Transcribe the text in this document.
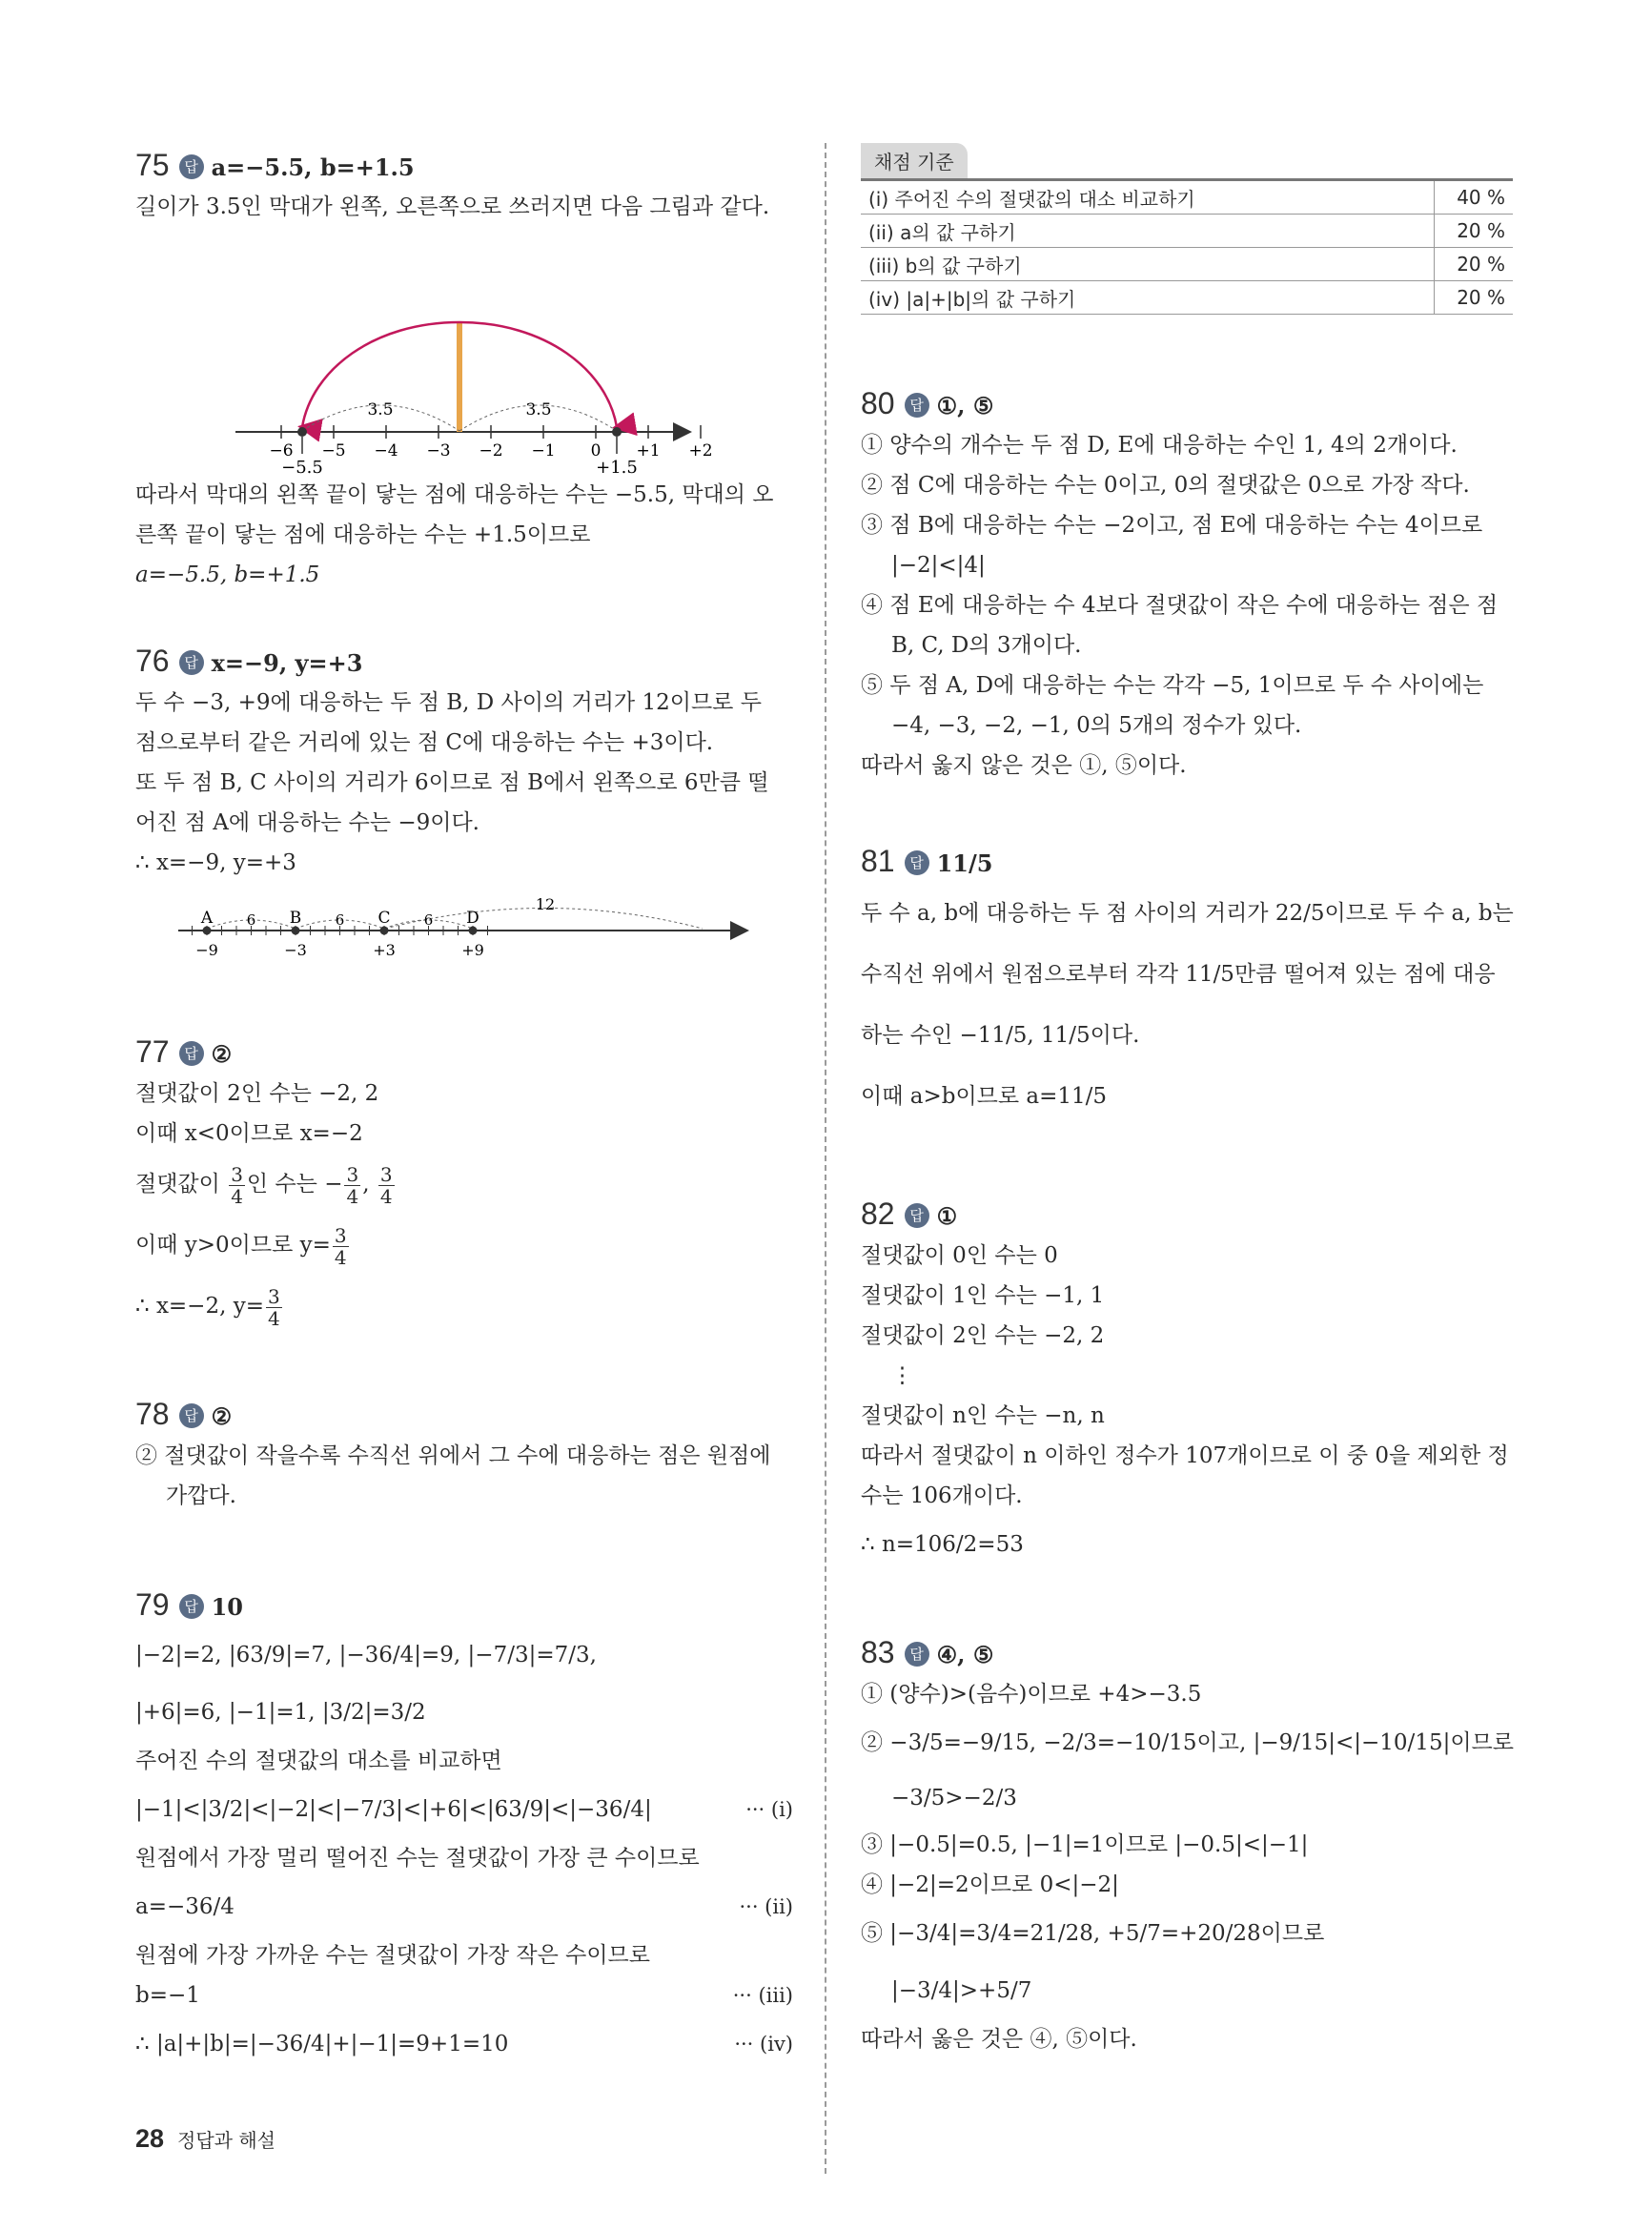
75 답 a=−5.5, b=+1.5
길이가 3.5인 막대가 왼쪽, 오른쪽으로 쓰러지면 다음 그림과 같다.
−6 −5 −4 −3 −2 −1 0 +1 +2
3.5	3.5
−5.5	+1.5
따라서 막대의 왼쪽 끝이 닿는 점에 대응하는 수는 −5.5, 막대의 오
른쪽 끝이 닿는 점에 대응하는 수는 +1.5이므로
a=−5.5, b=+1.5
76 답 x=−9, y=+3
두 수 −3, +9에 대응하는 두 점 B, D 사이의 거리가 12이므로 두
점으로부터 같은 거리에 있는 점 C에 대응하는 수는 +3이다.
또 두 점 B, C 사이의 거리가 6이므로 점 B에서 왼쪽으로 6만큼 떨
어진 점 A에 대응하는 수는 −9이다.
∴ x=−9, y=+3
12
6	6	6
A
−9
B
−3
C
+3
D
+9
77 답 ②
절댓값이 2인 수는 −2, 2
이때 x<0이므로 x=−2
절댓값이 $\frac{3}{4}$ 인 수는 − $\frac{3}{4}$ , $\frac{3}{4}$
이때 y>0이므로 $y= \frac{3}{4}$
∴ x=−2, $y= \frac{3}{4}$
78 답 ②
② 절댓값이 작을수록 수직선 위에서 그 수에 대응하는 점은 원점에
가깝다.
79 답 10
|−2|=2, |63/9|=7, |−36/4|=9, |−7/3|=7/3,
|+6|=6, |−1|=1, |3/2|=3/2
주어진 수의 절댓값의 대소를 비교하면
|−1|<|3/2|<|−2|<|−7/3|<|+6|<|63/9|<|−36/4|	··· (i)
원점에서 가장 멀리 떨어진 수는 절댓값이 가장 큰 수이므로
a=−36/4	··· (ii)
원점에 가장 가까운 수는 절댓값이 가장 작은 수이므로
b=−1	··· (iii)
∴ |a|+|b|=|−36/4|+|−1|=9+1=10	··· (iv)
채점 기준
(i) 주어진 수의 절댓값의 대소 비교하기	40 %
(ii) a의 값 구하기	20 %
(iii) b의 값 구하기	20 %
(iv) |a|+|b|의 값 구하기	20 %
80 답 ①, ⑤
① 양수의 개수는 두 점 D, E에 대응하는 수인 1, 4의 2개이다.
② 점 C에 대응하는 수는 0이고, 0의 절댓값은 0으로 가장 작다.
③ 점 B에 대응하는 수는 −2이고, 점 E에 대응하는 수는 4이므로
|−2|<|4|
④ 점 E에 대응하는 수 4보다 절댓값이 작은 수에 대응하는 점은 점
B, C, D의 3개이다.
⑤ 두 점 A, D에 대응하는 수는 각각 −5, 1이므로 두 수 사이에는
−4, −3, −2, −1, 0의 5개의 정수가 있다.
따라서 옳지 않은 것은 ①, ⑤이다.
81 답 11/5
두 수 a, b에 대응하는 두 점 사이의 거리가 22/5이므로 두 수 a, b는
수직선 위에서 원점으로부터 각각 11/5만큼 떨어져 있는 점에 대응
하는 수인 −11/5, 11/5이다.
이때 a>b이므로 a=11/5
82 답 ①
절댓값이 0인 수는 0
절댓값이 1인 수는 −1, 1
절댓값이 2인 수는 −2, 2
⋮
절댓값이 n인 수는 −n, n
따라서 절댓값이 n 이하인 정수가 107개이므로 이 중 0을 제외한 정
수는 106개이다.
∴ n=106/2=53
83 답 ④, ⑤
① (양수)>(음수)이므로 +4>−3.5
② −3/5=−9/15, −2/3=−10/15이고, |−9/15|<|−10/15|이므로
−3/5>−2/3
③ |−0.5|=0.5, |−1|=1이므로 |−0.5|<|−1|
④ |−2|=2이므로 0<|−2|
⑤ |−3/4|=3/4=21/28, +5/7=+20/28이므로
|−3/4|>+5/7
따라서 옳은 것은 ④, ⑤이다.
28 정답과 해설
